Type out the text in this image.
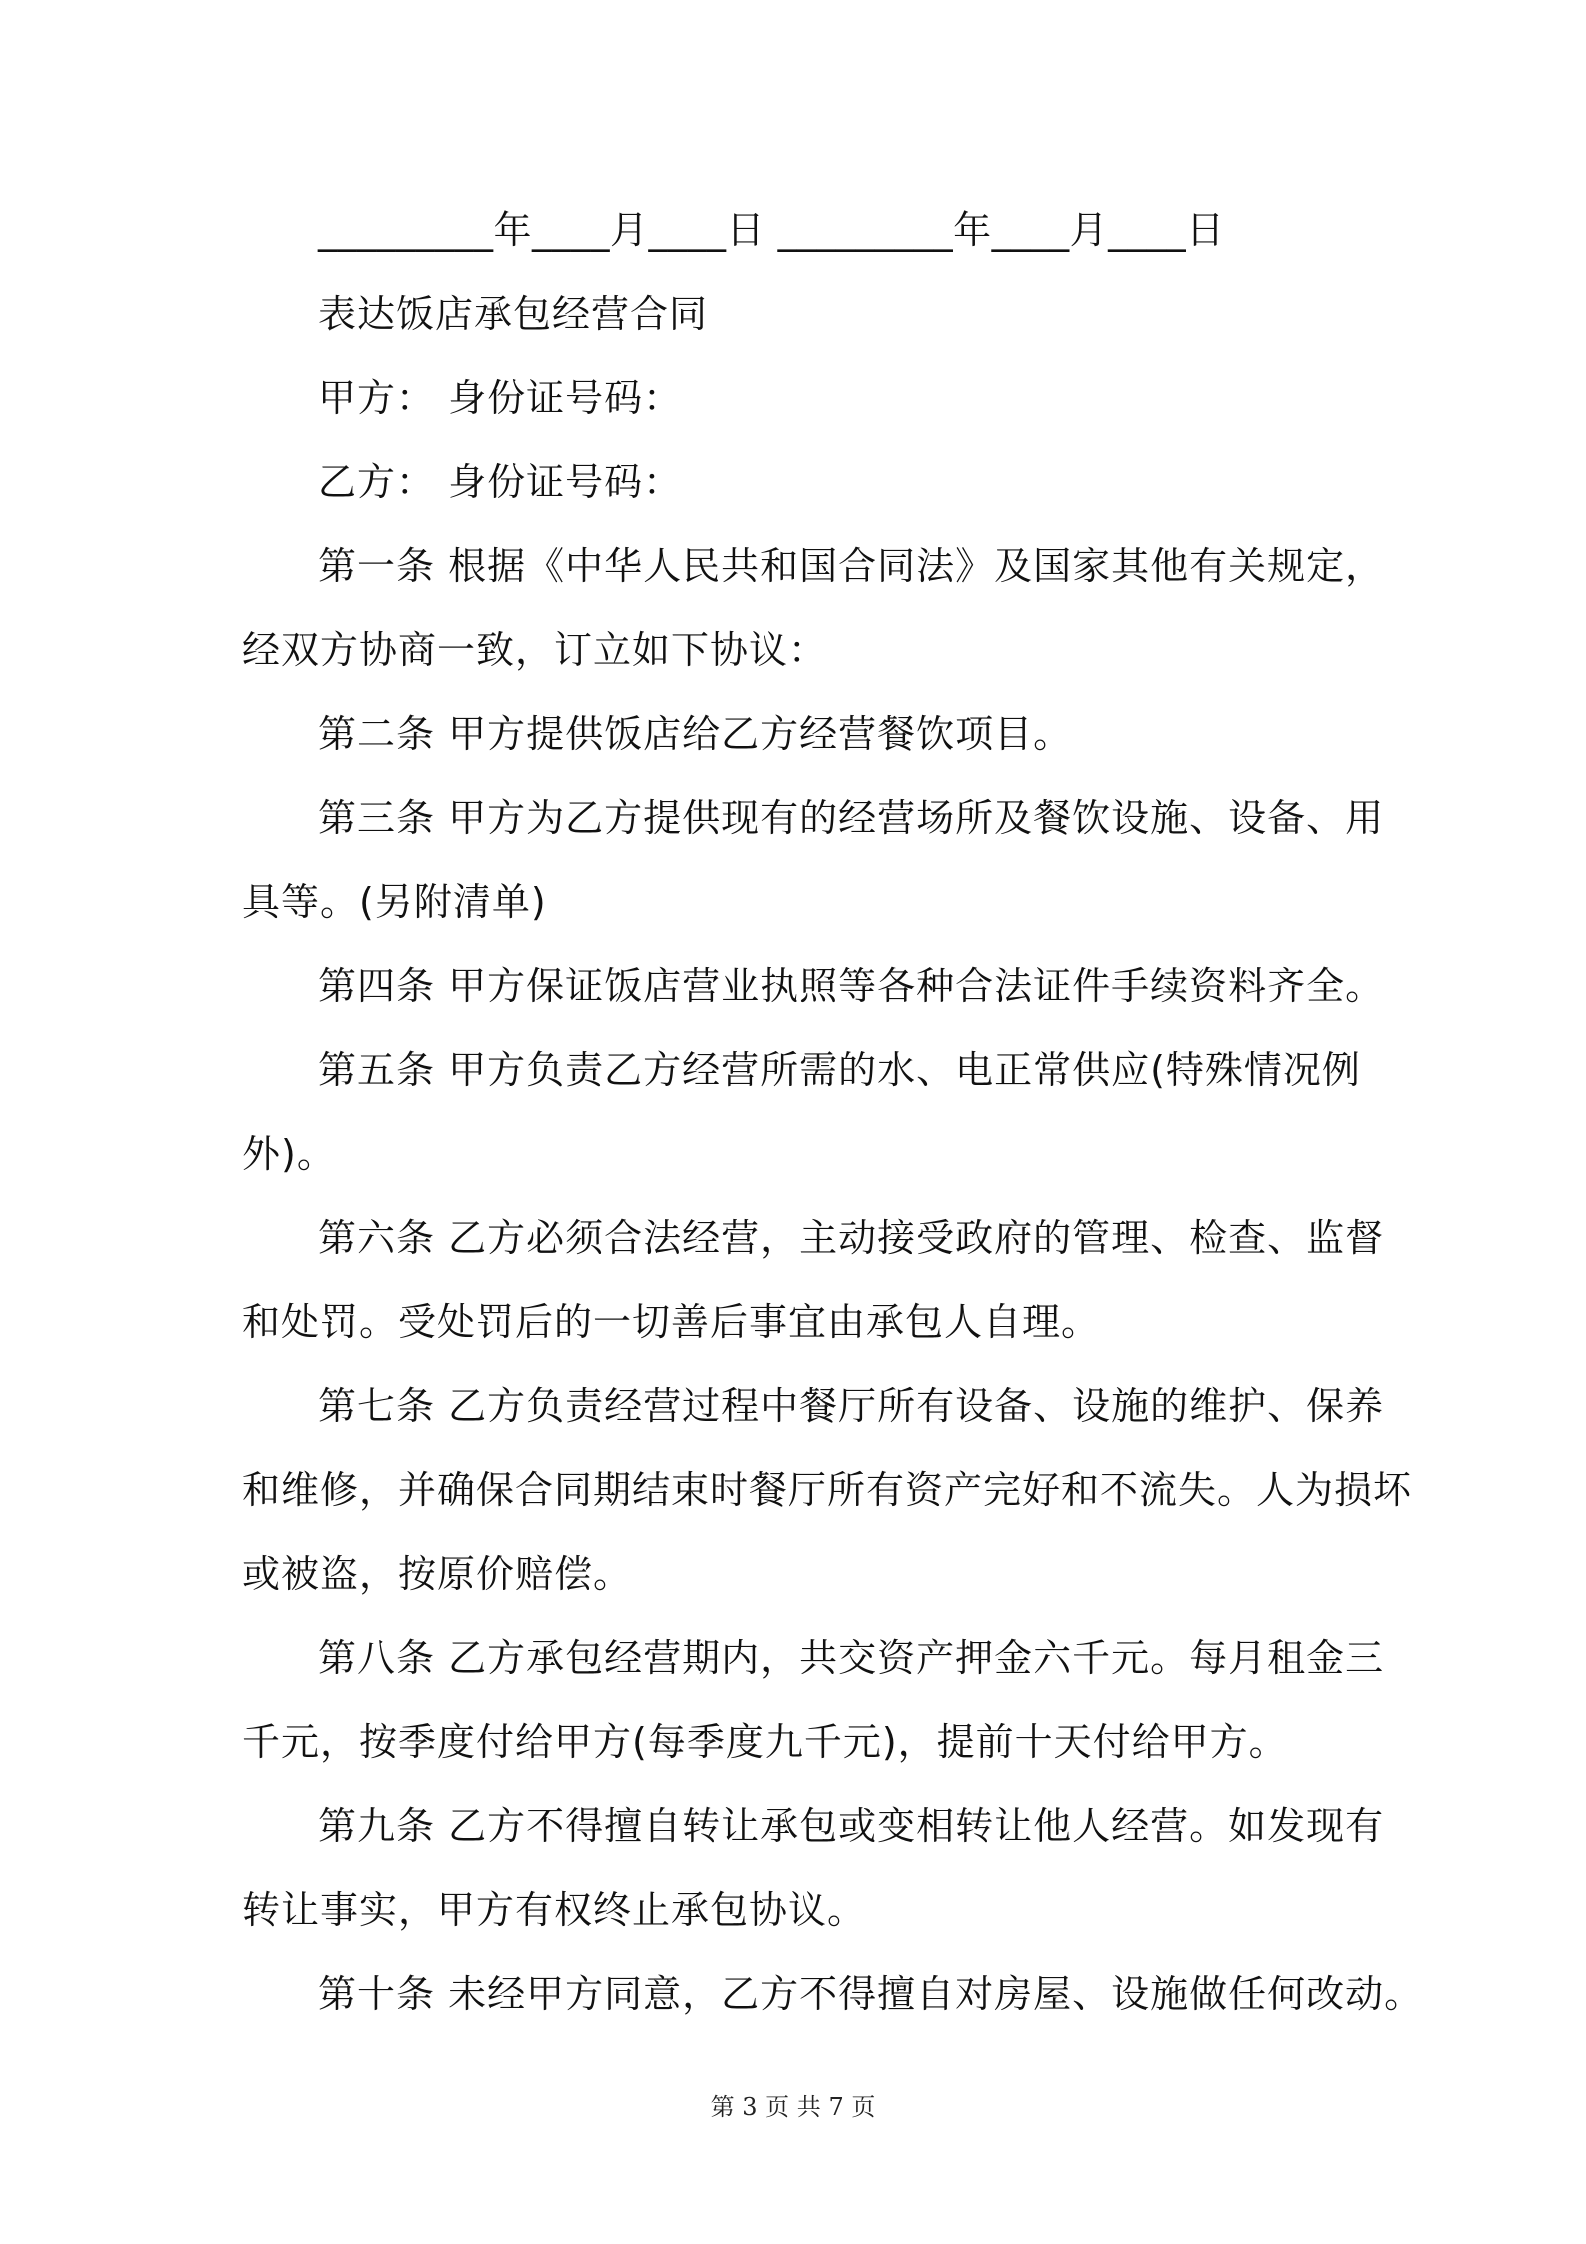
_________年____月____日 _________年____月____日
表达饭店承包经营合同
甲方： 身份证号码：
乙方： 身份证号码：
第一条 根据《中华人民共和国合同法》及国家其他有关规定，
经双方协商一致，订立如下协议：
第二条 甲方提供饭店给乙方经营餐饮项目。
第三条 甲方为乙方提供现有的经营场所及餐饮设施、设备、用
具等。(另附清单)
第四条 甲方保证饭店营业执照等各种合法证件手续资料齐全。
第五条 甲方负责乙方经营所需的水、电正常供应(特殊情况例
外)。
第六条 乙方必须合法经营，主动接受政府的管理、检查、监督
和处罚。受处罚后的一切善后事宜由承包人自理。
第七条 乙方负责经营过程中餐厅所有设备、设施的维护、保养
和维修，并确保合同期结束时餐厅所有资产完好和不流失。人为损坏
或被盗，按原价赔偿。
第八条 乙方承包经营期内，共交资产押金六千元。每月租金三
千元，按季度付给甲方(每季度九千元)，提前十天付给甲方。
第九条 乙方不得擅自转让承包或变相转让他人经营。如发现有
转让事实，甲方有权终止承包协议。
第十条 未经甲方同意，乙方不得擅自对房屋、设施做任何改动。
第 3 页 共 7 页
